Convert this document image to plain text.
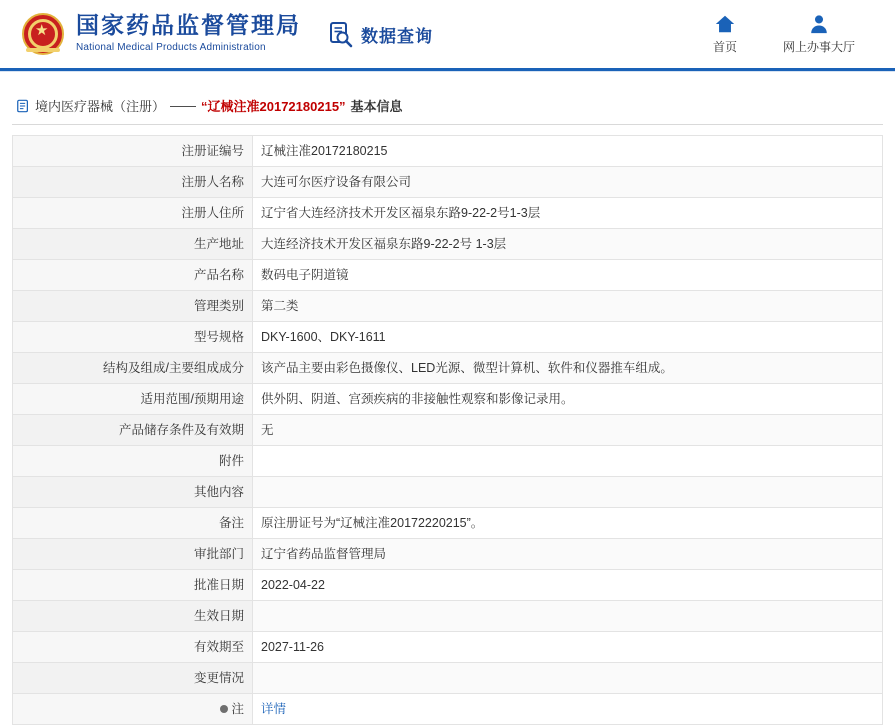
★ 国家药品监督管理局
National Medical Products Administration
数据查询
首页	网上办事大厅
境内医疗器械（注册） —— “辽械注准20172180215” 基本信息
注册证编号	辽械注准20172180215
注册人名称	大连可尔医疗设备有限公司
注册人住所	辽宁省大连经济技术开发区福泉东路9-22-2号1-3层
生产地址	大连经济技术开发区福泉东路9-22-2号 1-3层
产品名称	数码电子阴道镜
管理类别	第二类
型号规格	DKY-1600、DKY-1611
结构及组成/主要组成成分	该产品主要由彩色摄像仪、LED光源、微型计算机、软件和仪器推车组成。
适用范围/预期用途	供外阴、阴道、宫颈疾病的非接触性观察和影像记录用。
产品储存条件及有效期	无
附件	
其他内容	
备注	原注册证号为“辽械注准20172220215”。
审批部门	辽宁省药品监督管理局
批准日期	2022-04-22
生效日期	
有效期至	2027-11-26
变更情况	

注	详情
